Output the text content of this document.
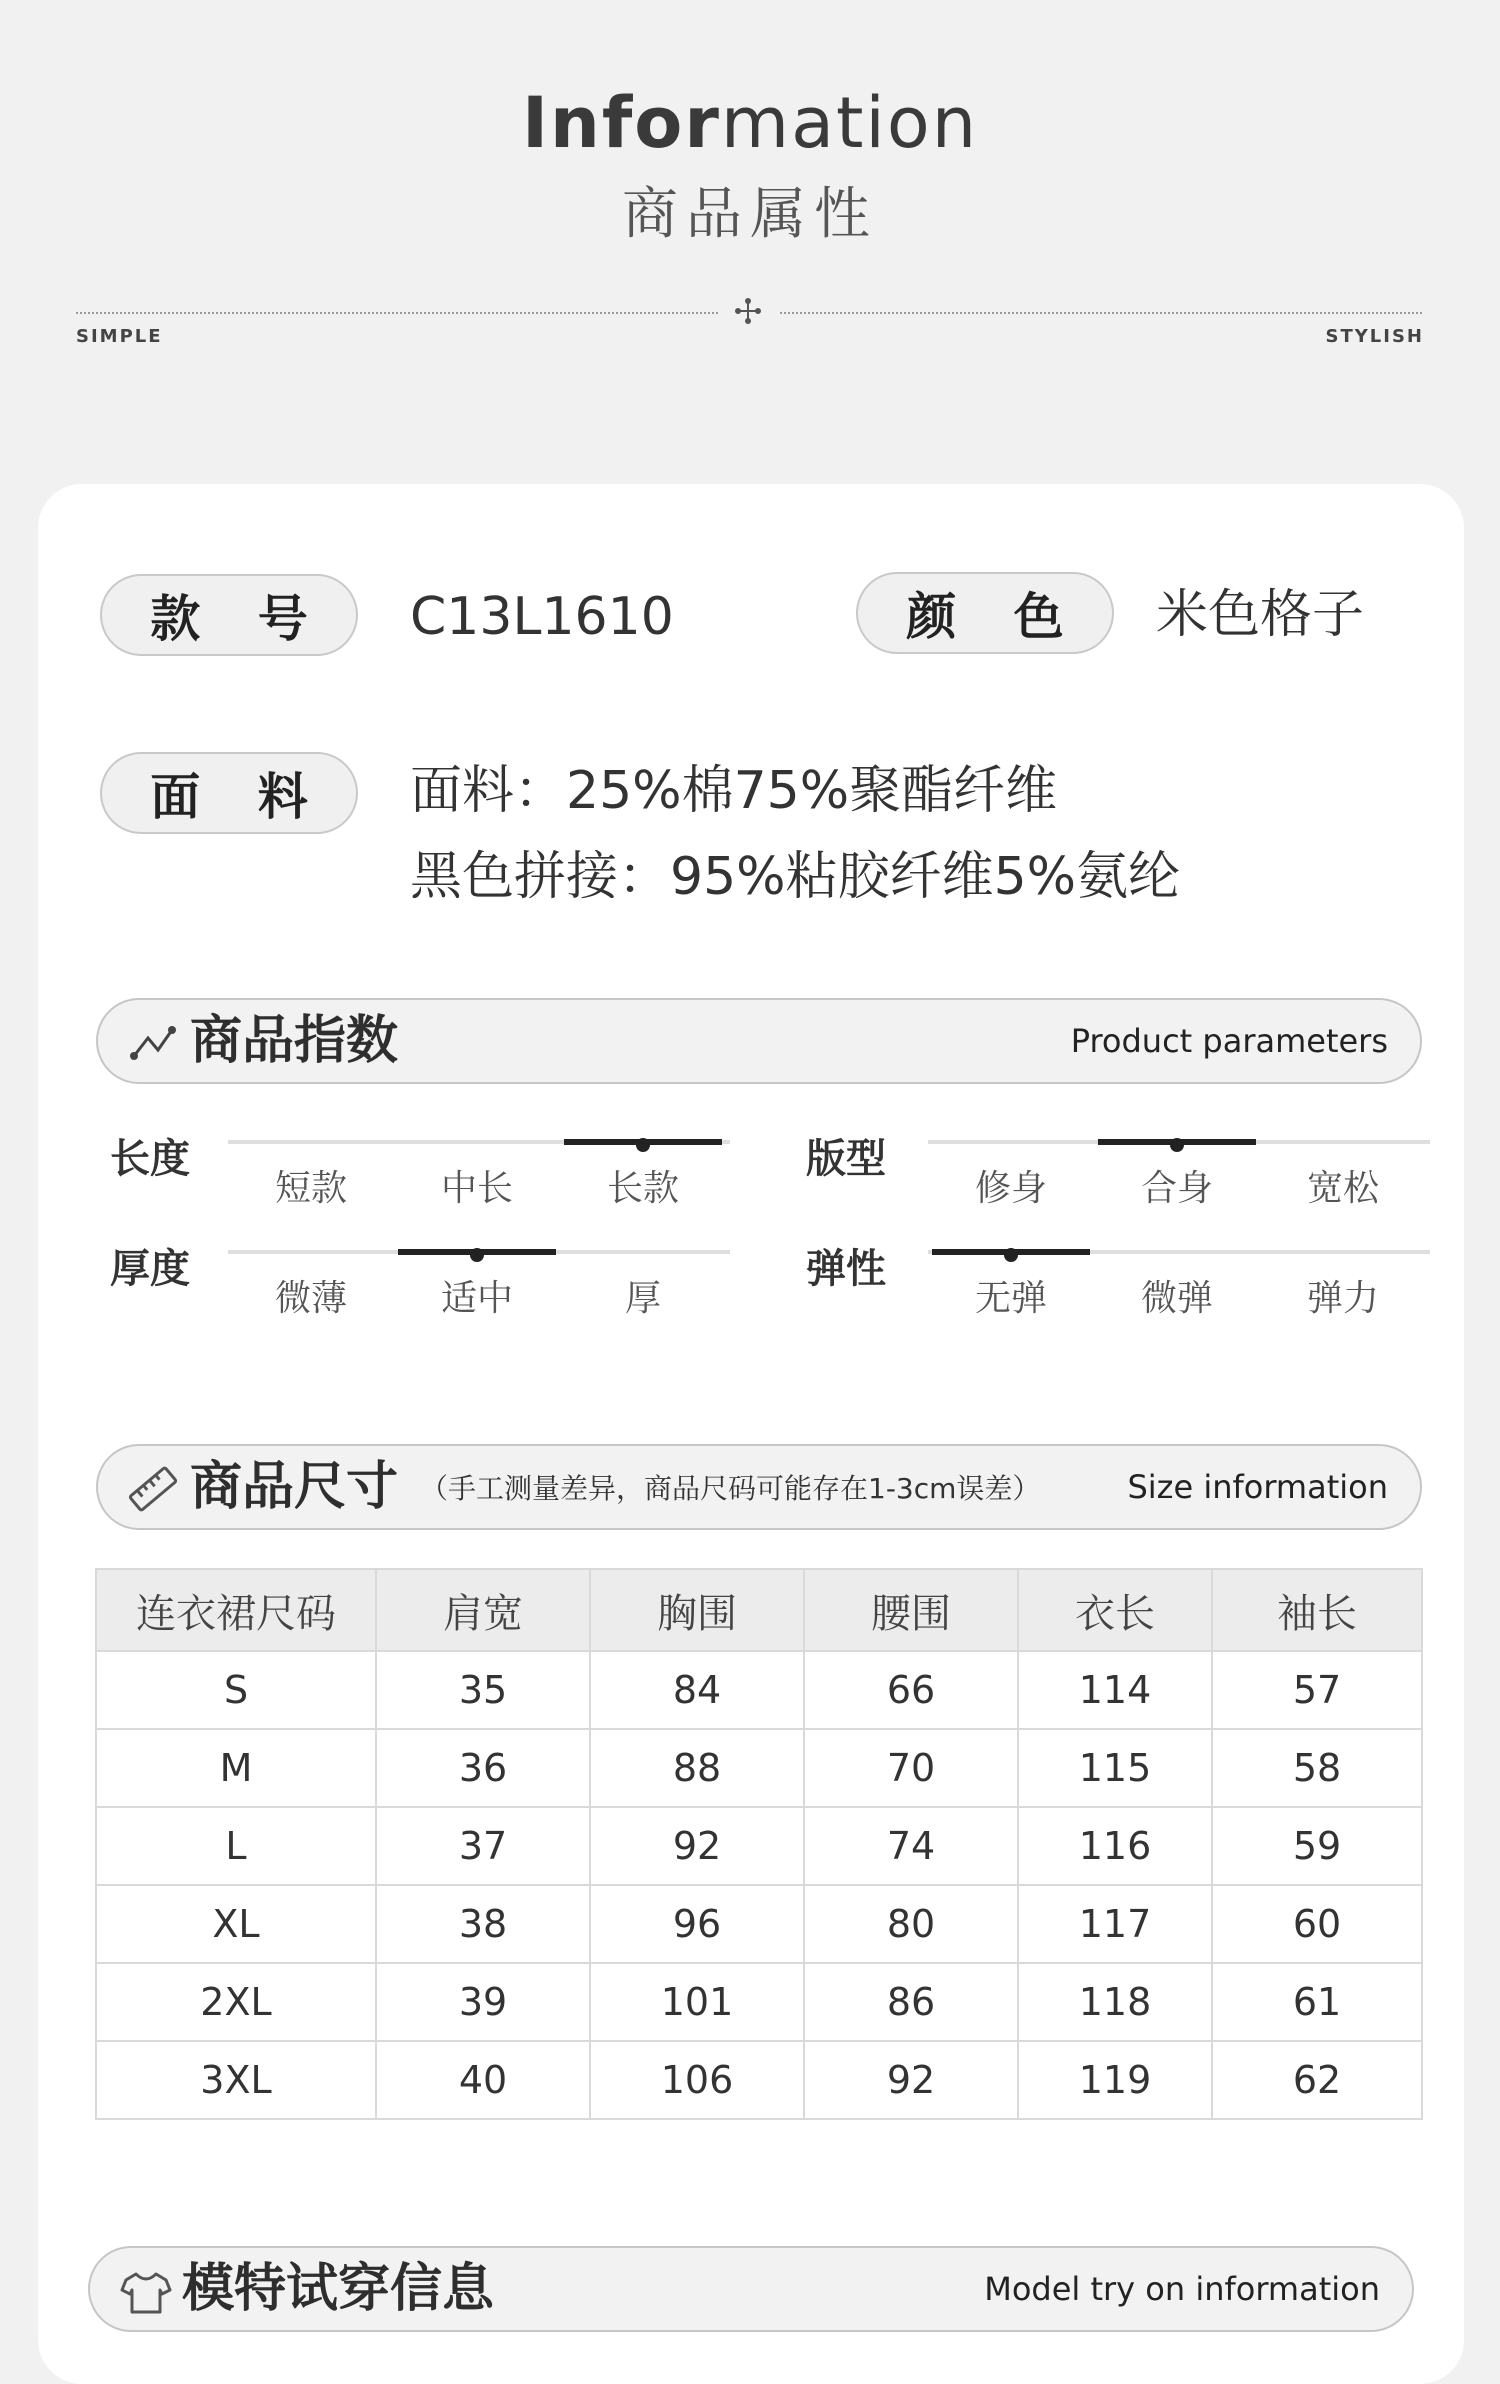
Information
商品属性
SIMPLE	STYLISH
款 号 C13L1610	颜 色 米色格子
面 料 面料：25%棉75%聚酯纤维
黑色拼接：95%粘胶纤维5%氨纶
商品指数	Product parameters
长度
短款	中长	长款
版型
修身	合身	宽松
厚度
微薄	适中	厚
弹性
无弹	微弹	弹力
商品尺寸 （手工测量差异，商品尺码可能存在1-3cm误差）	Size information
连衣裙尺码	肩宽	胸围	腰围	衣长	袖长
S	35	84	66	114	57
M	36	88	70	115	58
L	37	92	74	116	59
XL	38	96	80	117	60
2XL	39	101	86	118	61
3XL	40	106	92	119	62
模特试穿信息	Model try on information
